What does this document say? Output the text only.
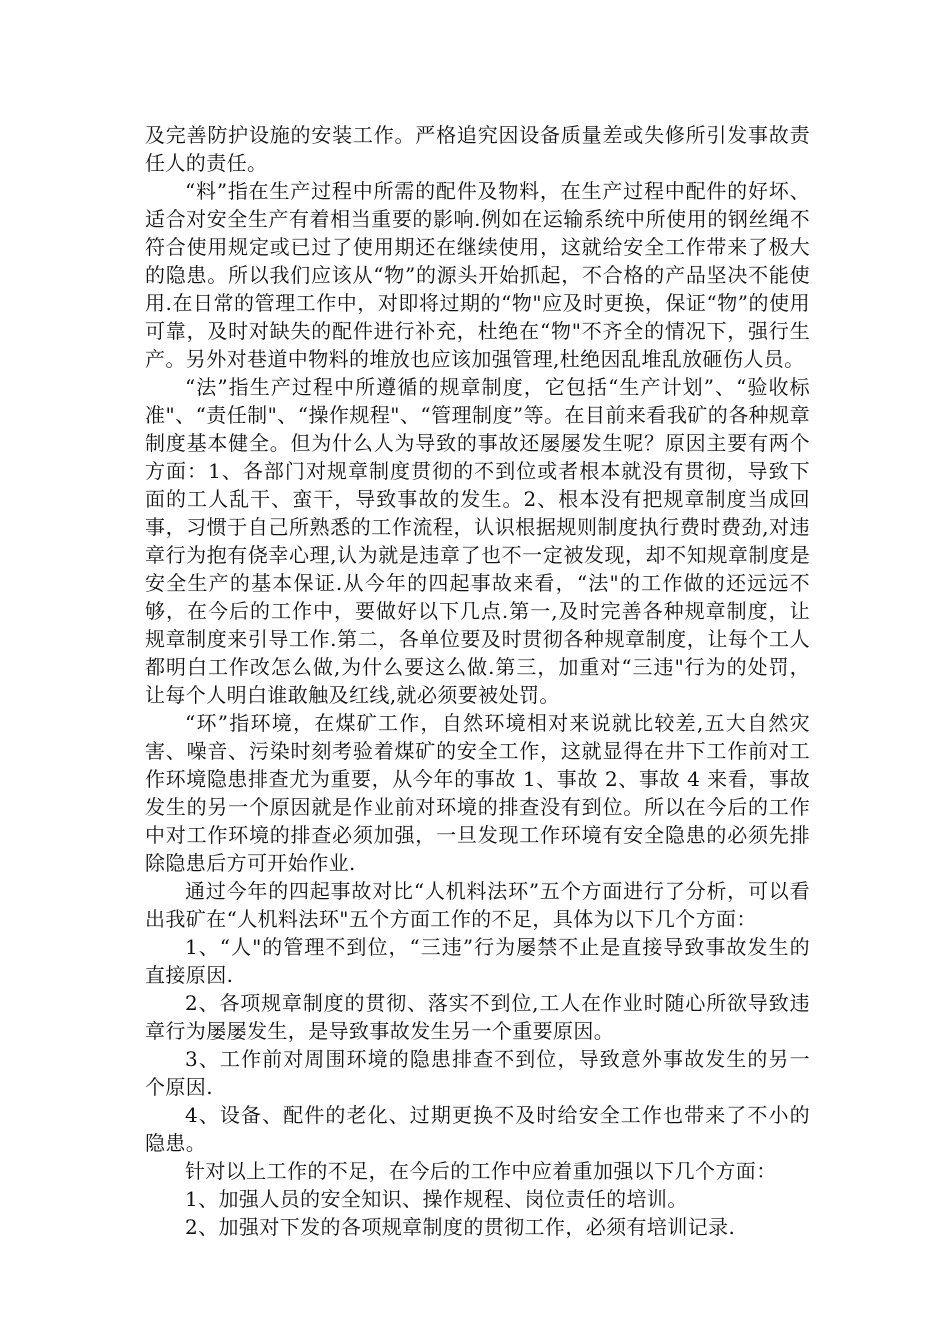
及完善防护设施的安装工作。严格追究因设备质量差或失修所引发事故责任人的责任。

“料”指在生产过程中所需的配件及物料，在生产过程中配件的好坏、适合对安全生产有着相当重要的影响.例如在运输系统中所使用的钢丝绳不符合使用规定或已过了使用期还在继续使用，这就给安全工作带来了极大的隐患。所以我们应该从“物”的源头开始抓起，不合格的产品坚决不能使用.在日常的管理工作中，对即将过期的“物"应及时更换，保证“物”的使用可靠，及时对缺失的配件进行补充，杜绝在“物"不齐全的情况下，强行生产。另外对巷道中物料的堆放也应该加强管理,杜绝因乱堆乱放砸伤人员。

“法”指生产过程中所遵循的规章制度，它包括“生产计划”、“验收标准"、“责任制"、“操作规程"、“管理制度”等。在目前来看我矿的各种规章制度基本健全。但为什么人为导致的事故还屡屡发生呢？原因主要有两个方面：1、各部门对规章制度贯彻的不到位或者根本就没有贯彻，导致下面的工人乱干、蛮干，导致事故的发生。2、根本没有把规章制度当成回事，习惯于自己所熟悉的工作流程，认识根据规则制度执行费时费劲,对违章行为抱有侥幸心理,认为就是违章了也不一定被发现，却不知规章制度是安全生产的基本保证.从今年的四起事故来看，“法"的工作做的还远远不够，在今后的工作中，要做好以下几点.第一,及时完善各种规章制度，让规章制度来引导工作.第二，各单位要及时贯彻各种规章制度，让每个工人都明白工作改怎么做,为什么要这么做.第三，加重对“三违"行为的处罚，让每个人明白谁敢触及红线,就必须要被处罚。

“环”指环境，在煤矿工作，自然环境相对来说就比较差,五大自然灾害、噪音、污染时刻考验着煤矿的安全工作，这就显得在井下工作前对工作环境隐患排查尤为重要，从今年的事故 1、事故 2、事故 4 来看，事故发生的另一个原因就是作业前对环境的排查没有到位。所以在今后的工作中对工作环境的排查必须加强，一旦发现工作环境有安全隐患的必须先排除隐患后方可开始作业.

通过今年的四起事故对比“人机料法环”五个方面进行了分析，可以看出我矿在“人机料法环"五个方面工作的不足，具体为以下几个方面：

1、“人"的管理不到位，“三违”行为屡禁不止是直接导致事故发生的直接原因.

2、各项规章制度的贯彻、落实不到位,工人在作业时随心所欲导致违章行为屡屡发生，是导致事故发生另一个重要原因。

3、工作前对周围环境的隐患排查不到位，导致意外事故发生的另一个原因.

4、设备、配件的老化、过期更换不及时给安全工作也带来了不小的隐患。

针对以上工作的不足，在今后的工作中应着重加强以下几个方面：

1、加强人员的安全知识、操作规程、岗位责任的培训。

2、加强对下发的各项规章制度的贯彻工作，必须有培训记录.
